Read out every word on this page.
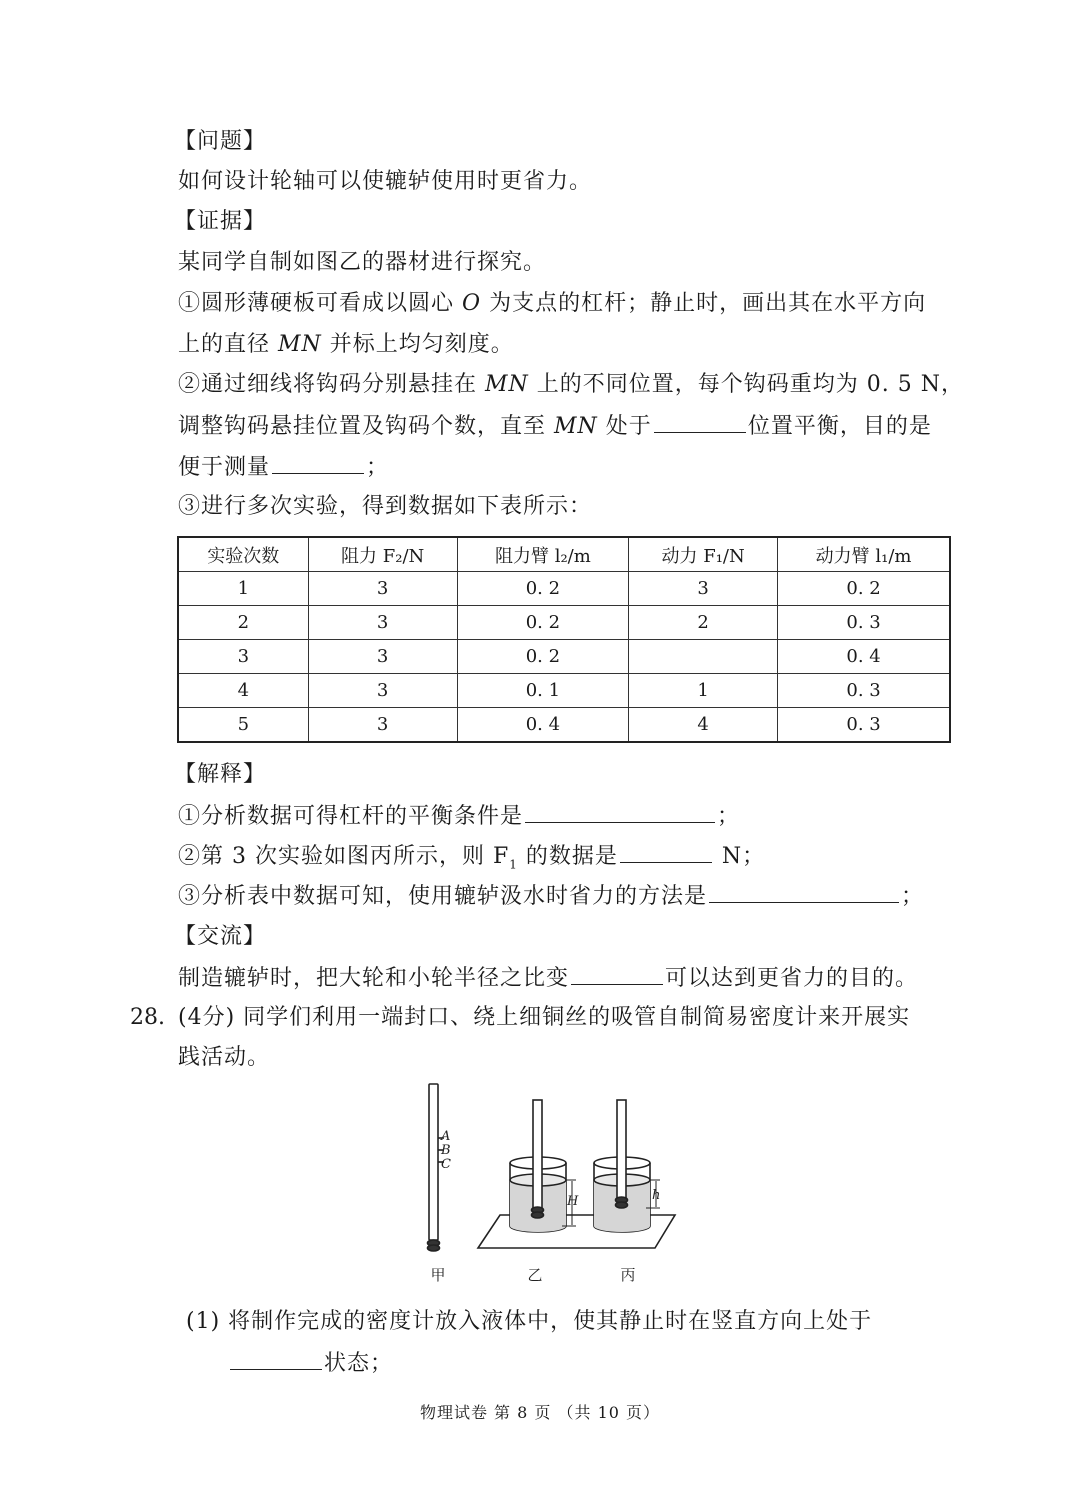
【问题】
如何设计轮轴可以使辘轳使用时更省力。
【证据】
某同学自制如图乙的器材进行探究。
①圆形薄硬板可看成以圆心 O 为支点的杠杆；静止时，画出其在水平方向
上的直径 MN 并标上均匀刻度。
②通过细线将钩码分别悬挂在 MN 上的不同位置，每个钩码重均为 0. 5 N，
调整钩码悬挂位置及钩码个数，直至 MN 处于	位置平衡，目的是
便于测量	；
③进行多次实验，得到数据如下表所示：
实验次数	阻力 F₂/N	阻力臂 l₂/m	动力 F₁/N	动力臂 l₁/m
1	3	0. 2	3	0. 2
2	3	0. 2	2	0. 3
3	3	0. 2		0. 4
4	3	0. 1	1	0. 3
5	3	0. 4	4	0. 3
【解释】
①分析数据可得杠杆的平衡条件是	；
②第 3 次实验如图丙所示，则 $F_1$ 的数据是	N；
③分析表中数据可知，使用辘轳汲水时省力的方法是	；
【交流】
制造辘轳时，把大轮和小轮半径之比变	可以达到更省力的目的。
28. (4分) 同学们利用一端封口、绕上细铜丝的吸管自制简易密度计来开展实
践活动。
A
B
C
H	h
甲	乙	丙
(1) 将制作完成的密度计放入液体中，使其静止时在竖直方向上处于
状态；
物理试卷 第 8 页 （共 10 页）
